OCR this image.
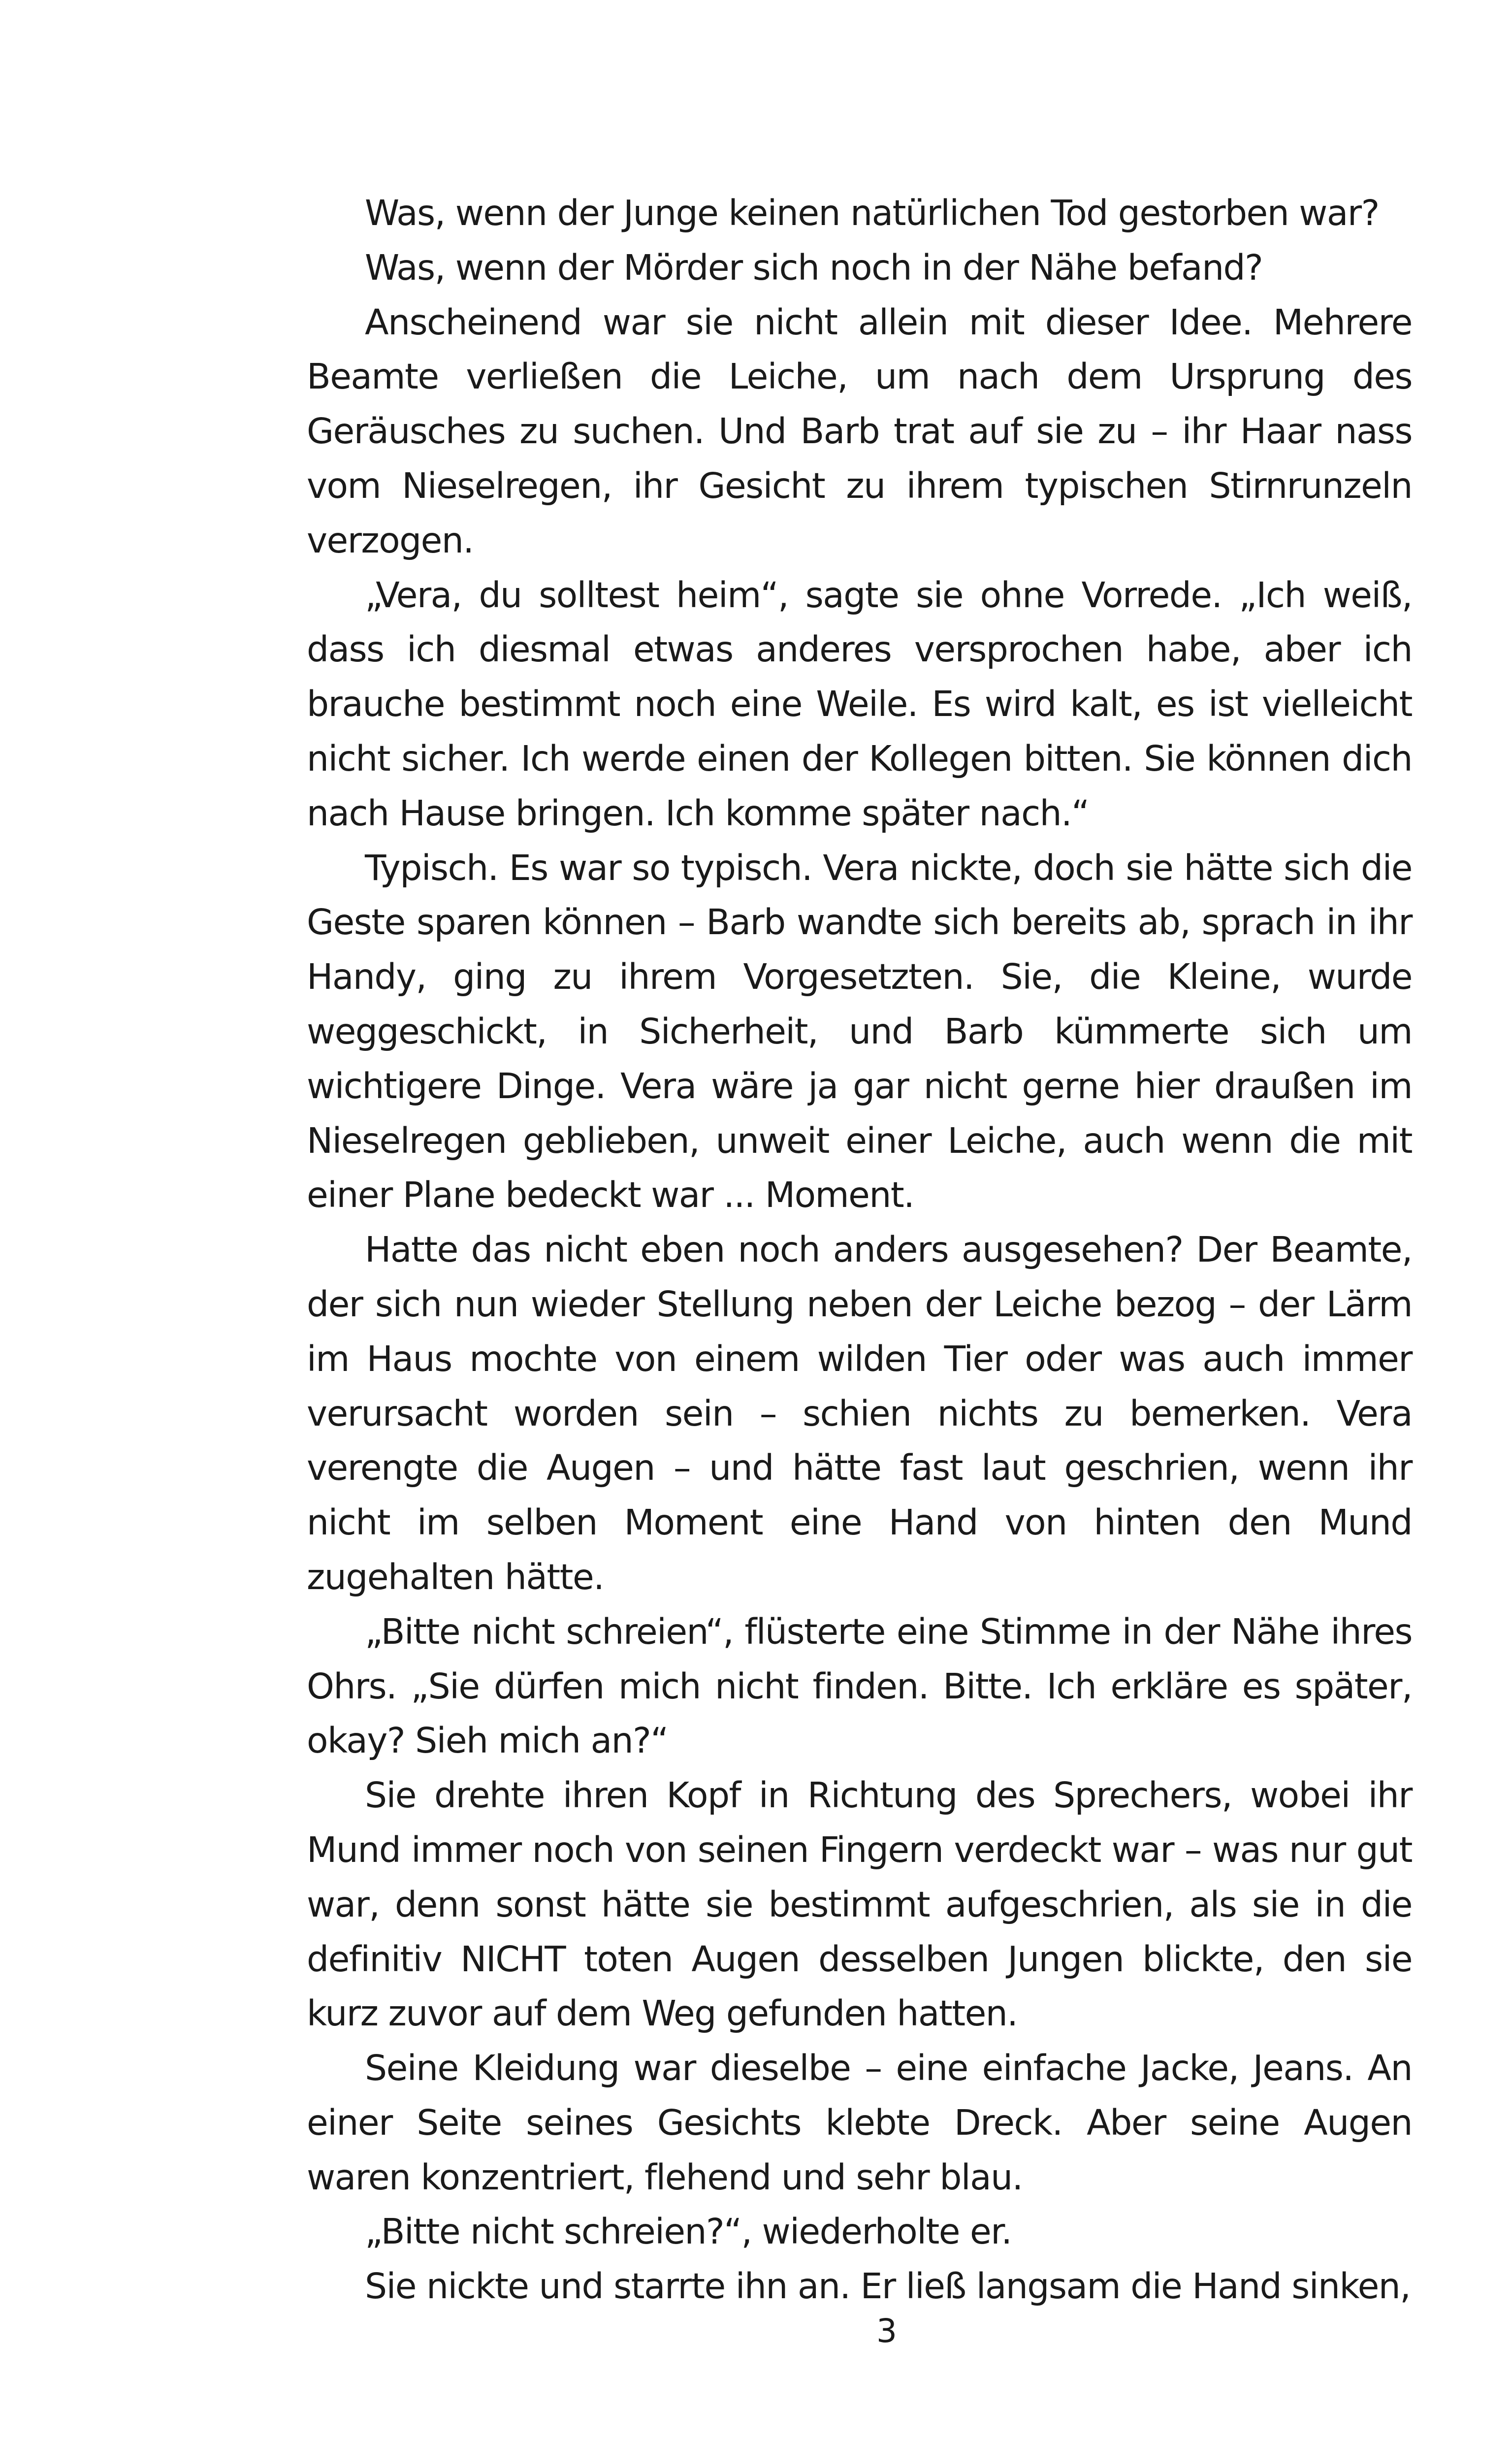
Was, wenn der Junge keinen natürlichen Tod gestorben war?

Was, wenn der Mörder sich noch in der Nähe befand?

Anscheinend war sie nicht allein mit dieser Idee. Mehrere Beamte verließen die Leiche, um nach dem Ursprung des Geräusches zu suchen. Und Barb trat auf sie zu – ihr Haar nass vom Nieselregen, ihr Gesicht zu ihrem typischen Stirnrunzeln verzogen.

„Vera, du solltest heim“, sagte sie ohne Vorrede. „Ich weiß, dass ich diesmal etwas anderes versprochen habe, aber ich brauche bestimmt noch eine Weile. Es wird kalt, es ist vielleicht nicht sicher. Ich werde einen der Kollegen bitten. Sie können dich nach Hause bringen. Ich komme später nach.“

Typisch. Es war so typisch. Vera nickte, doch sie hätte sich die Geste sparen können – Barb wandte sich bereits ab, sprach in ihr Handy, ging zu ihrem Vorgesetzten. Sie, die Kleine, wurde weggeschickt, in Sicherheit, und Barb kümmerte sich um wichtigere Dinge. Vera wäre ja gar nicht gerne hier draußen im Nieselregen geblieben, unweit einer Leiche, auch wenn die mit einer Plane bedeckt war ... Moment.

Hatte das nicht eben noch anders ausgesehen? Der Beamte, der sich nun wieder Stellung neben der Leiche bezog – der Lärm im Haus mochte von einem wilden Tier oder was auch immer verursacht worden sein – schien nichts zu bemerken. Vera verengte die Augen – und hätte fast laut geschrien, wenn ihr nicht im selben Moment eine Hand von hinten den Mund zugehalten hätte.

„Bitte nicht schreien“, flüsterte eine Stimme in der Nähe ihres Ohrs. „Sie dürfen mich nicht finden. Bitte. Ich erkläre es später, okay? Sieh mich an?“

Sie drehte ihren Kopf in Richtung des Sprechers, wobei ihr Mund immer noch von seinen Fingern verdeckt war – was nur gut war, denn sonst hätte sie bestimmt aufgeschrien, als sie in die definitiv NICHT toten Augen desselben Jungen blickte, den sie kurz zuvor auf dem Weg gefunden hatten.

Seine Kleidung war dieselbe – eine einfache Jacke, Jeans. An einer Seite seines Gesichts klebte Dreck. Aber seine Augen waren konzentriert, flehend und sehr blau.

„Bitte nicht schreien?“, wiederholte er.

Sie nickte und starrte ihn an. Er ließ langsam die Hand sinken,

3
